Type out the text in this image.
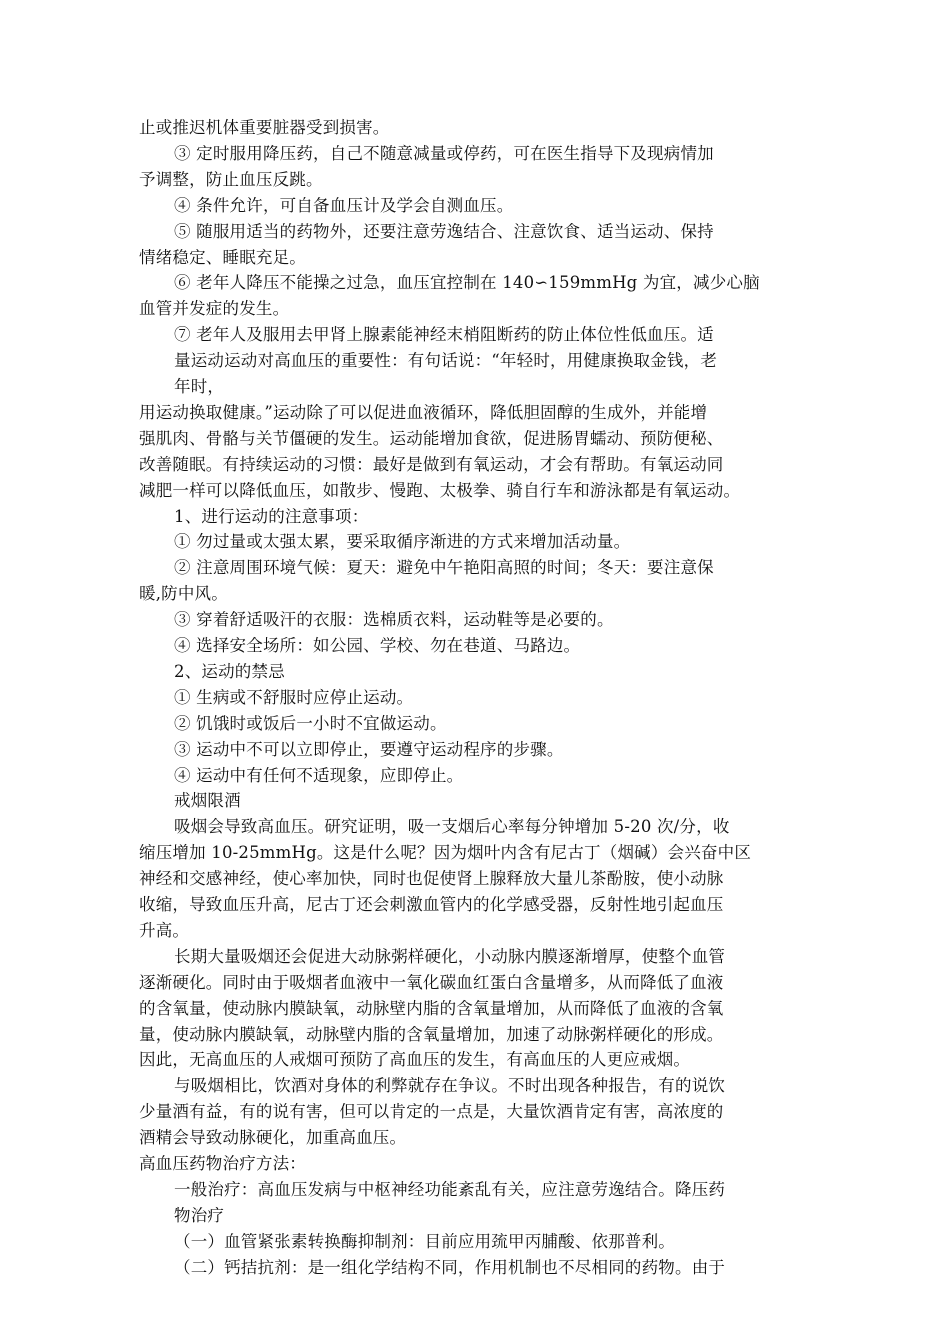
止或推迟机体重要脏器受到损害。
③ 定时服用降压药，自己不随意减量或停药，可在医生指导下及现病情加
予调整，防止血压反跳。
④ 条件允许，可自备血压计及学会自测血压。
⑤ 随服用适当的药物外，还要注意劳逸结合、注意饮食、适当运动、保持
情绪稳定、睡眠充足。
⑥ 老年人降压不能操之过急，血压宜控制在 140∽159mmHg 为宜，减少心脑
血管并发症的发生。
⑦ 老年人及服用去甲肾上腺素能神经末梢阻断药的防止体位性低血压。适
量运动运动对高血压的重要性：有句话说：“年轻时，用健康换取金钱，老
年时，
用运动换取健康。”运动除了可以促进血液循环，降低胆固醇的生成外，并能增
强肌肉、骨骼与关节僵硬的发生。运动能增加食欲，促进肠胃蠕动、预防便秘、
改善随眠。有持续运动的习惯：最好是做到有氧运动，才会有帮助。有氧运动同
减肥一样可以降低血压，如散步、慢跑、太极拳、骑自行车和游泳都是有氧运动。
1、进行运动的注意事项：
① 勿过量或太强太累，要采取循序渐进的方式来增加活动量。
② 注意周围环境气候：夏天：避免中午艳阳高照的时间；冬天：要注意保
暖,防中风。
③ 穿着舒适吸汗的衣服：选棉质衣料，运动鞋等是必要的。
④ 选择安全场所：如公园、学校、勿在巷道、马路边。
2、运动的禁忌
① 生病或不舒服时应停止运动。
② 饥饿时或饭后一小时不宜做运动。
③ 运动中不可以立即停止，要遵守运动程序的步骤。
④ 运动中有任何不适现象，应即停止。
戒烟限酒
吸烟会导致高血压。研究证明，吸一支烟后心率每分钟增加 5-20 次/分，收
缩压增加 10-25mmHg。这是什么呢？因为烟叶内含有尼古丁（烟碱）会兴奋中区
神经和交感神经，使心率加快，同时也促使肾上腺释放大量儿茶酚胺，使小动脉
收缩，导致血压升高，尼古丁还会刺激血管内的化学感受器，反射性地引起血压
升高。
长期大量吸烟还会促进大动脉粥样硬化，小动脉内膜逐渐增厚，使整个血管
逐渐硬化。同时由于吸烟者血液中一氧化碳血红蛋白含量增多，从而降低了血液
的含氧量，使动脉内膜缺氧，动脉壁内脂的含氧量增加，从而降低了血液的含氧
量，使动脉内膜缺氧，动脉壁内脂的含氧量增加，加速了动脉粥样硬化的形成。
因此，无高血压的人戒烟可预防了高血压的发生，有高血压的人更应戒烟。
与吸烟相比，饮酒对身体的利弊就存在争议。不时出现各种报告，有的说饮
少量酒有益，有的说有害，但可以肯定的一点是，大量饮酒肯定有害，高浓度的
酒精会导致动脉硬化，加重高血压。
高血压药物治疗方法：
一般治疗：高血压发病与中枢神经功能紊乱有关，应注意劳逸结合。降压药
物治疗
（一）血管紧张素转换酶抑制剂：目前应用巯甲丙脯酸、依那普利。
（二）钙拮抗剂：是一组化学结构不同，作用机制也不尽相同的药物。由于
